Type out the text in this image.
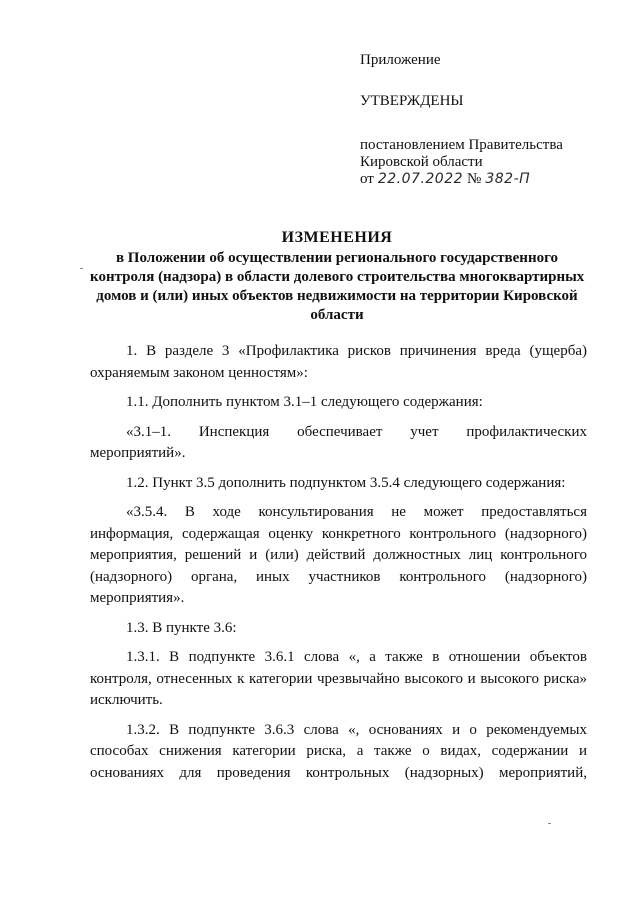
Приложение
УТВЕРЖДЕНЫ
постановлением Правительства
Кировской области
от 22.07.2022 № 382-П
ИЗМЕНЕНИЯ
в Положении об осуществлении регионального государственного
контроля (надзора) в области долевого строительства многоквартирных
домов и (или) иных объектов недвижимости на территории Кировской
области
1. В разделе 3 «Профилактика рисков причинения вреда (ущерба)
охраняемым законом ценностям»:
1.1. Дополнить пунктом 3.1–1 следующего содержания:
«3.1–1. Инспекция обеспечивает учет профилактических
мероприятий».
1.2. Пункт 3.5 дополнить подпунктом 3.5.4 следующего содержания:
«3.5.4. В ходе консультирования не может предоставляться
информация, содержащая оценку конкретного контрольного (надзорного)
мероприятия, решений и (или) действий должностных лиц контрольного
(надзорного) органа, иных участников контрольного (надзорного)
мероприятия».
1.3. В пункте 3.6:
1.3.1. В подпункте 3.6.1 слова «, а также в отношении объектов
контроля, отнесенных к категории чрезвычайно высокого и высокого риска»
исключить.
1.3.2. В подпункте 3.6.3 слова «, основаниях и о рекомендуемых
способах снижения категории риска, а также о видах, содержании и
основаниях для проведения контрольных (надзорных) мероприятий,
